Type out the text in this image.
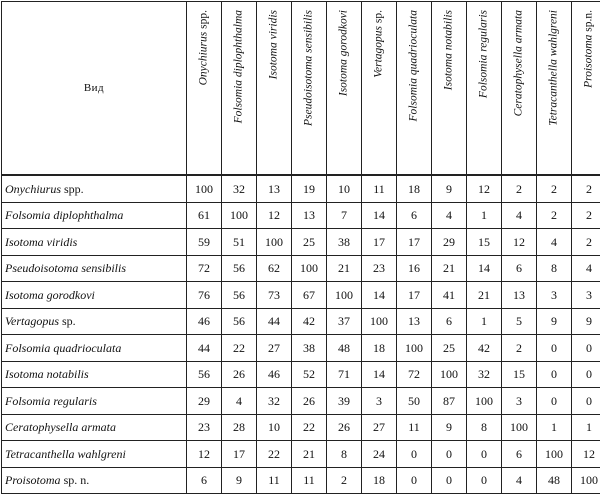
Вид	Onychiurus spp.	Folsomia diplophthalma	Isotoma viridis	Pseudoisotoma sensibilis	Isotoma gorodkovi	Vertagopus sp.	Folsomia quadrioculata	Isotoma notabilis	Folsomia regularis	Ceratophysella armata	Tetracanthella wahlgreni	Proisotoma sp.n.

Onychiurus spp.	100	32	13	19	10	11	18	9	12	2	2	2
Folsomia diplophthalma	61	100	12	13	7	14	6	4	1	4	2	2
Isotoma viridis	59	51	100	25	38	17	17	29	15	12	4	2
Pseudoisotoma sensibilis	72	56	62	100	21	23	16	21	14	6	8	4
Isotoma gorodkovi	76	56	73	67	100	14	17	41	21	13	3	3
Vertagopus sp.	46	56	44	42	37	100	13	6	1	5	9	9
Folsomia quadrioculata	44	22	27	38	48	18	100	25	42	2	0	0
Isotoma notabilis	56	26	46	52	71	14	72	100	32	15	0	0
Folsomia regularis	29	4	32	26	39	3	50	87	100	3	0	0
Ceratophysella armata	23	28	10	22	26	27	11	9	8	100	1	1
Tetracanthella wahlgreni	12	17	22	21	8	24	0	0	0	6	100	12
Proisotoma sp. n.	6	9	11	11	2	18	0	0	0	4	48	100
